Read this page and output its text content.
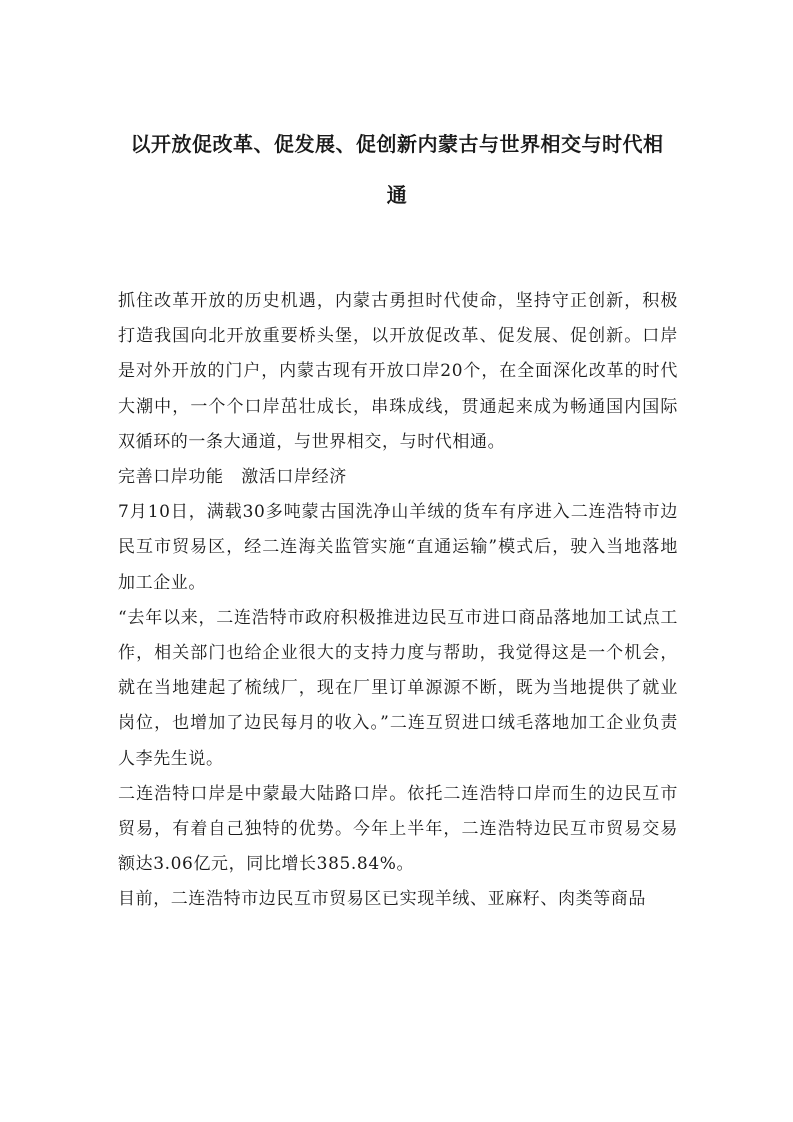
以开放促改革、促发展、促创新内蒙古与世界相交与时代相
通

抓住改革开放的历史机遇，内蒙古勇担时代使命，坚持守正创新，积极打造我国向北开放重要桥头堡，以开放促改革、促发展、促创新。口岸是对外开放的门户，内蒙古现有开放口岸20个，在全面深化改革的时代大潮中，一个个口岸茁壮成长，串珠成线，贯通起来成为畅通国内国际双循环的一条大通道，与世界相交，与时代相通。

完善口岸功能　激活口岸经济

7月10日，满载30多吨蒙古国洗净山羊绒的货车有序进入二连浩特市边民互市贸易区，经二连海关监管实施“直通运输”模式后，驶入当地落地加工企业。

“去年以来，二连浩特市政府积极推进边民互市进口商品落地加工试点工作，相关部门也给企业很大的支持力度与帮助，我觉得这是一个机会，就在当地建起了梳绒厂，现在厂里订单源源不断，既为当地提供了就业岗位，也增加了边民每月的收入。”二连互贸进口绒毛落地加工企业负责人李先生说。

二连浩特口岸是中蒙最大陆路口岸。依托二连浩特口岸而生的边民互市贸易，有着自己独特的优势。今年上半年，二连浩特边民互市贸易交易额达3.06亿元，同比增长385.84%。

目前，二连浩特市边民互市贸易区已实现羊绒、亚麻籽、肉类等商品
